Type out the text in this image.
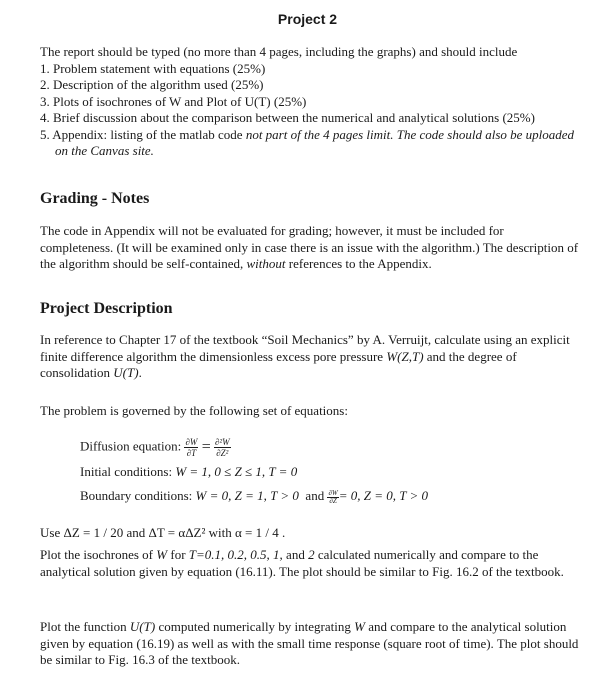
Project 2
The report should be typed (no more than 4 pages, including the graphs) and should include
1. Problem statement with equations (25%)
2. Description of the algorithm used (25%)
3. Plots of isochrones of W and Plot of U(T) (25%)
4. Brief discussion about the comparison between the numerical and analytical solutions (25%)
5. Appendix: listing of the matlab code not part of the 4 pages limit. The code should also be uploaded on the Canvas site.
Grading - Notes
The code in Appendix will not be evaluated for grading; however, it must be included for completeness. (It will be examined only in case there is an issue with the algorithm.) The description of the algorithm should be self-contained, without references to the Appendix.
Project Description
In reference to Chapter 17 of the textbook “Soil Mechanics” by A. Verruijt, calculate using an explicit finite difference algorithm the dimensionless excess pore pressure W(Z,T) and the degree of consolidation U(T).
The problem is governed by the following set of equations:
Diffusion equation: $\frac{\partial W}{\partial T} = \frac{\text{∂²W}}{\text{∂Z²}}$
Initial conditions: W = 1, 0 ≤ Z ≤ 1, T = 0
Boundary conditions: W = 0, Z = 1, T > 0  and $\frac{\partial W}{\partial Z} = 0$, Z = 0, T > 0
Use ΔZ = 1 / 20 and ΔT = αΔZ² with α = 1 / 4 .
Plot the isochrones of W for T=0.1, 0.2, 0.5, 1, and 2 calculated numerically and compare to the analytical solution given by equation (16.11). The plot should be similar to Fig. 16.2 of the textbook.
Plot the function U(T) computed numerically by integrating W and compare to the analytical solution given by equation (16.19) as well as with the small time response (square root of time). The plot should be similar to Fig. 16.3 of the textbook.
